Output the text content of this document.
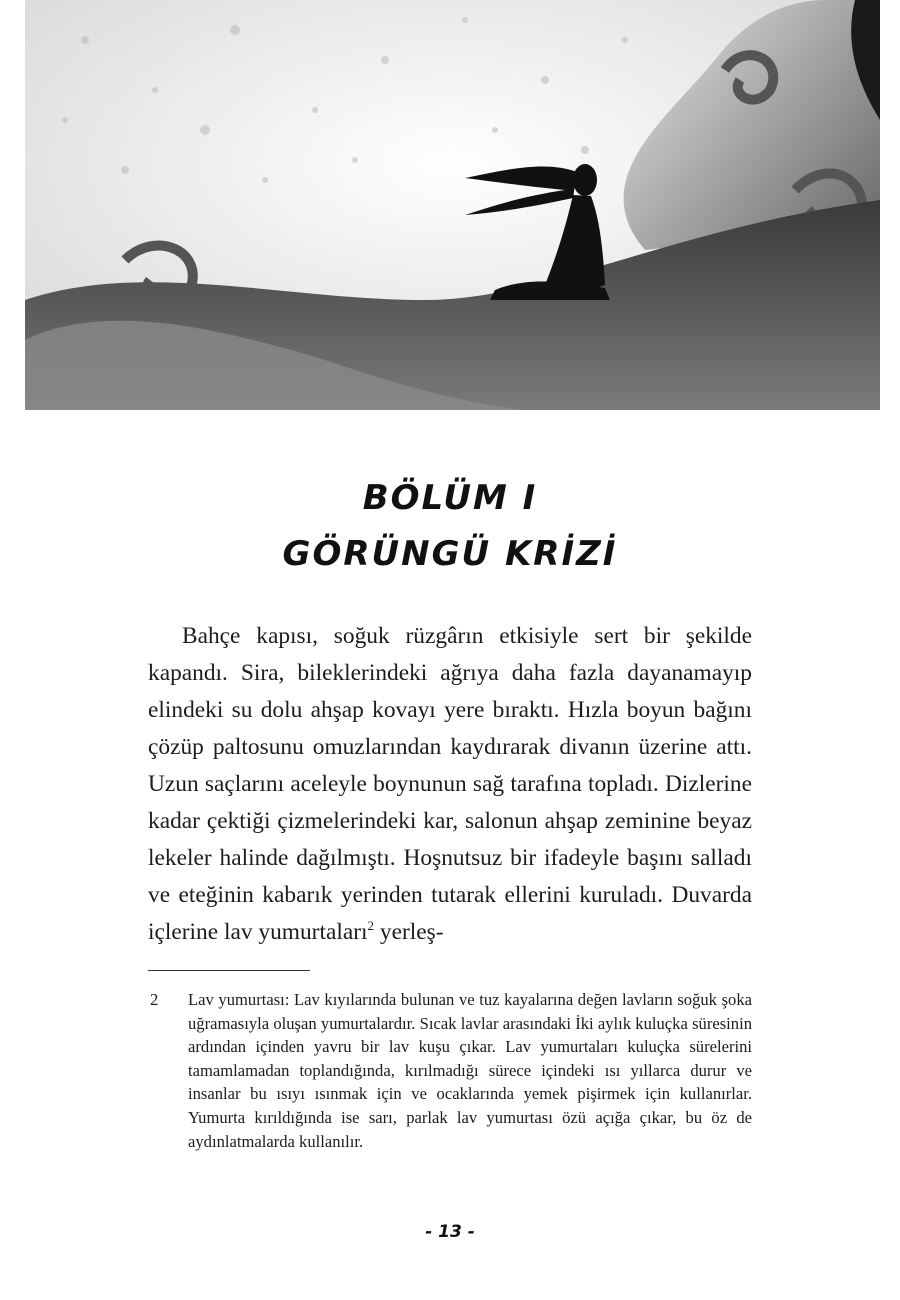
BÖLÜM I
GÖRÜNGÜ KRİZİ

Bahçe kapısı, soğuk rüzgârın etkisiyle sert bir şekilde kapandı. Sira, bileklerindeki ağrıya daha fazla dayanamayıp elindeki su dolu ahşap kovayı yere bıraktı. Hızla boyun bağını çözüp paltosunu omuzlarından kaydırarak divanın üzerine attı. Uzun saçlarını aceleyle boynunun sağ tarafına topladı. Dizlerine kadar çektiği çizmelerindeki kar, salonun ahşap zeminine beyaz lekeler halinde dağılmıştı. Hoşnutsuz bir ifadeyle başını salladı ve eteğinin kabarık yerinden tutarak ellerini kuruladı. Duvarda içlerine lav yumurtaları$^2$ yerleş-

2 Lav yumurtası: Lav kıyılarında bulunan ve tuz kayalarına değen lavların soğuk şoka uğramasıyla oluşan yumurtalardır. Sıcak lavlar arasındaki İki aylık kuluçka süresinin ardından içinden yavru bir lav kuşu çıkar. Lav yumurtaları kuluçka sürelerini tamamlamadan toplandığında, kırılmadığı sürece içindeki ısı yıllarca durur ve insanlar bu ısıyı ısınmak için ve ocaklarında yemek pişirmek için kullanırlar. Yumurta kırıldığında ise sarı, parlak lav yumurtası özü açığa çıkar, bu öz de aydınlatmalarda kullanılır.
- 13 -
